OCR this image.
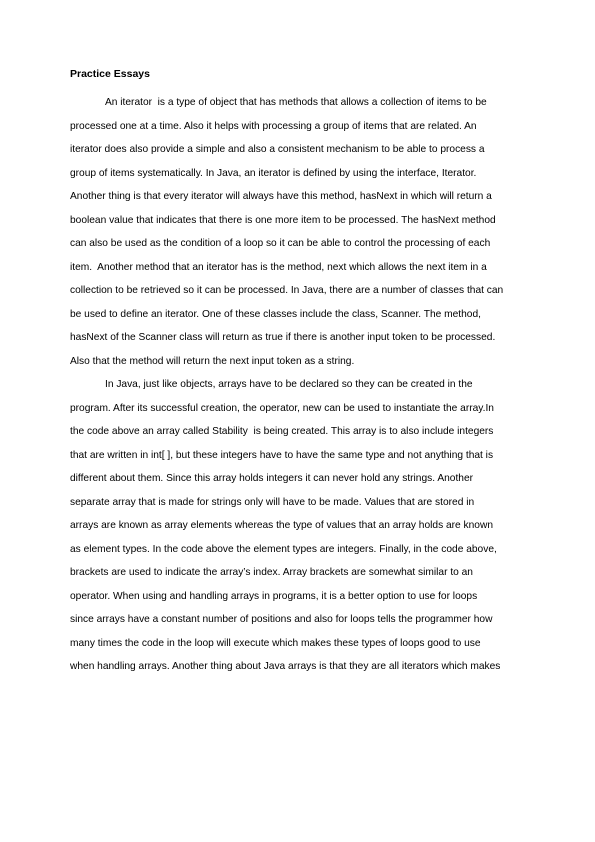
Practice Essays
An iterator  is a type of object that has methods that allows a collection of items to be
processed one at a time. Also it helps with processing a group of items that are related. An
iterator does also provide a simple and also a consistent mechanism to be able to process a
group of items systematically. In Java, an iterator is defined by using the interface, Iterator.
Another thing is that every iterator will always have this method, hasNext in which will return a
boolean value that indicates that there is one more item to be processed. The hasNext method
can also be used as the condition of a loop so it can be able to control the processing of each
item.  Another method that an iterator has is the method, next which allows the next item in a
collection to be retrieved so it can be processed. In Java, there are a number of classes that can
be used to define an iterator. One of these classes include the class, Scanner. The method,
hasNext of the Scanner class will return as true if there is another input token to be processed.
Also that the method will return the next input token as a string.
In Java, just like objects, arrays have to be declared so they can be created in the
program. After its successful creation, the operator, new can be used to instantiate the array.In
the code above an array called Stability  is being created. This array is to also include integers
that are written in int[ ], but these integers have to have the same type and not anything that is
different about them. Since this array holds integers it can never hold any strings. Another
separate array that is made for strings only will have to be made. Values that are stored in
arrays are known as array elements whereas the type of values that an array holds are known
as element types. In the code above the element types are integers. Finally, in the code above,
brackets are used to indicate the array’s index. Array brackets are somewhat similar to an
operator. When using and handling arrays in programs, it is a better option to use for loops
since arrays have a constant number of positions and also for loops tells the programmer how
many times the code in the loop will execute which makes these types of loops good to use
when handling arrays. Another thing about Java arrays is that they are all iterators which makes
